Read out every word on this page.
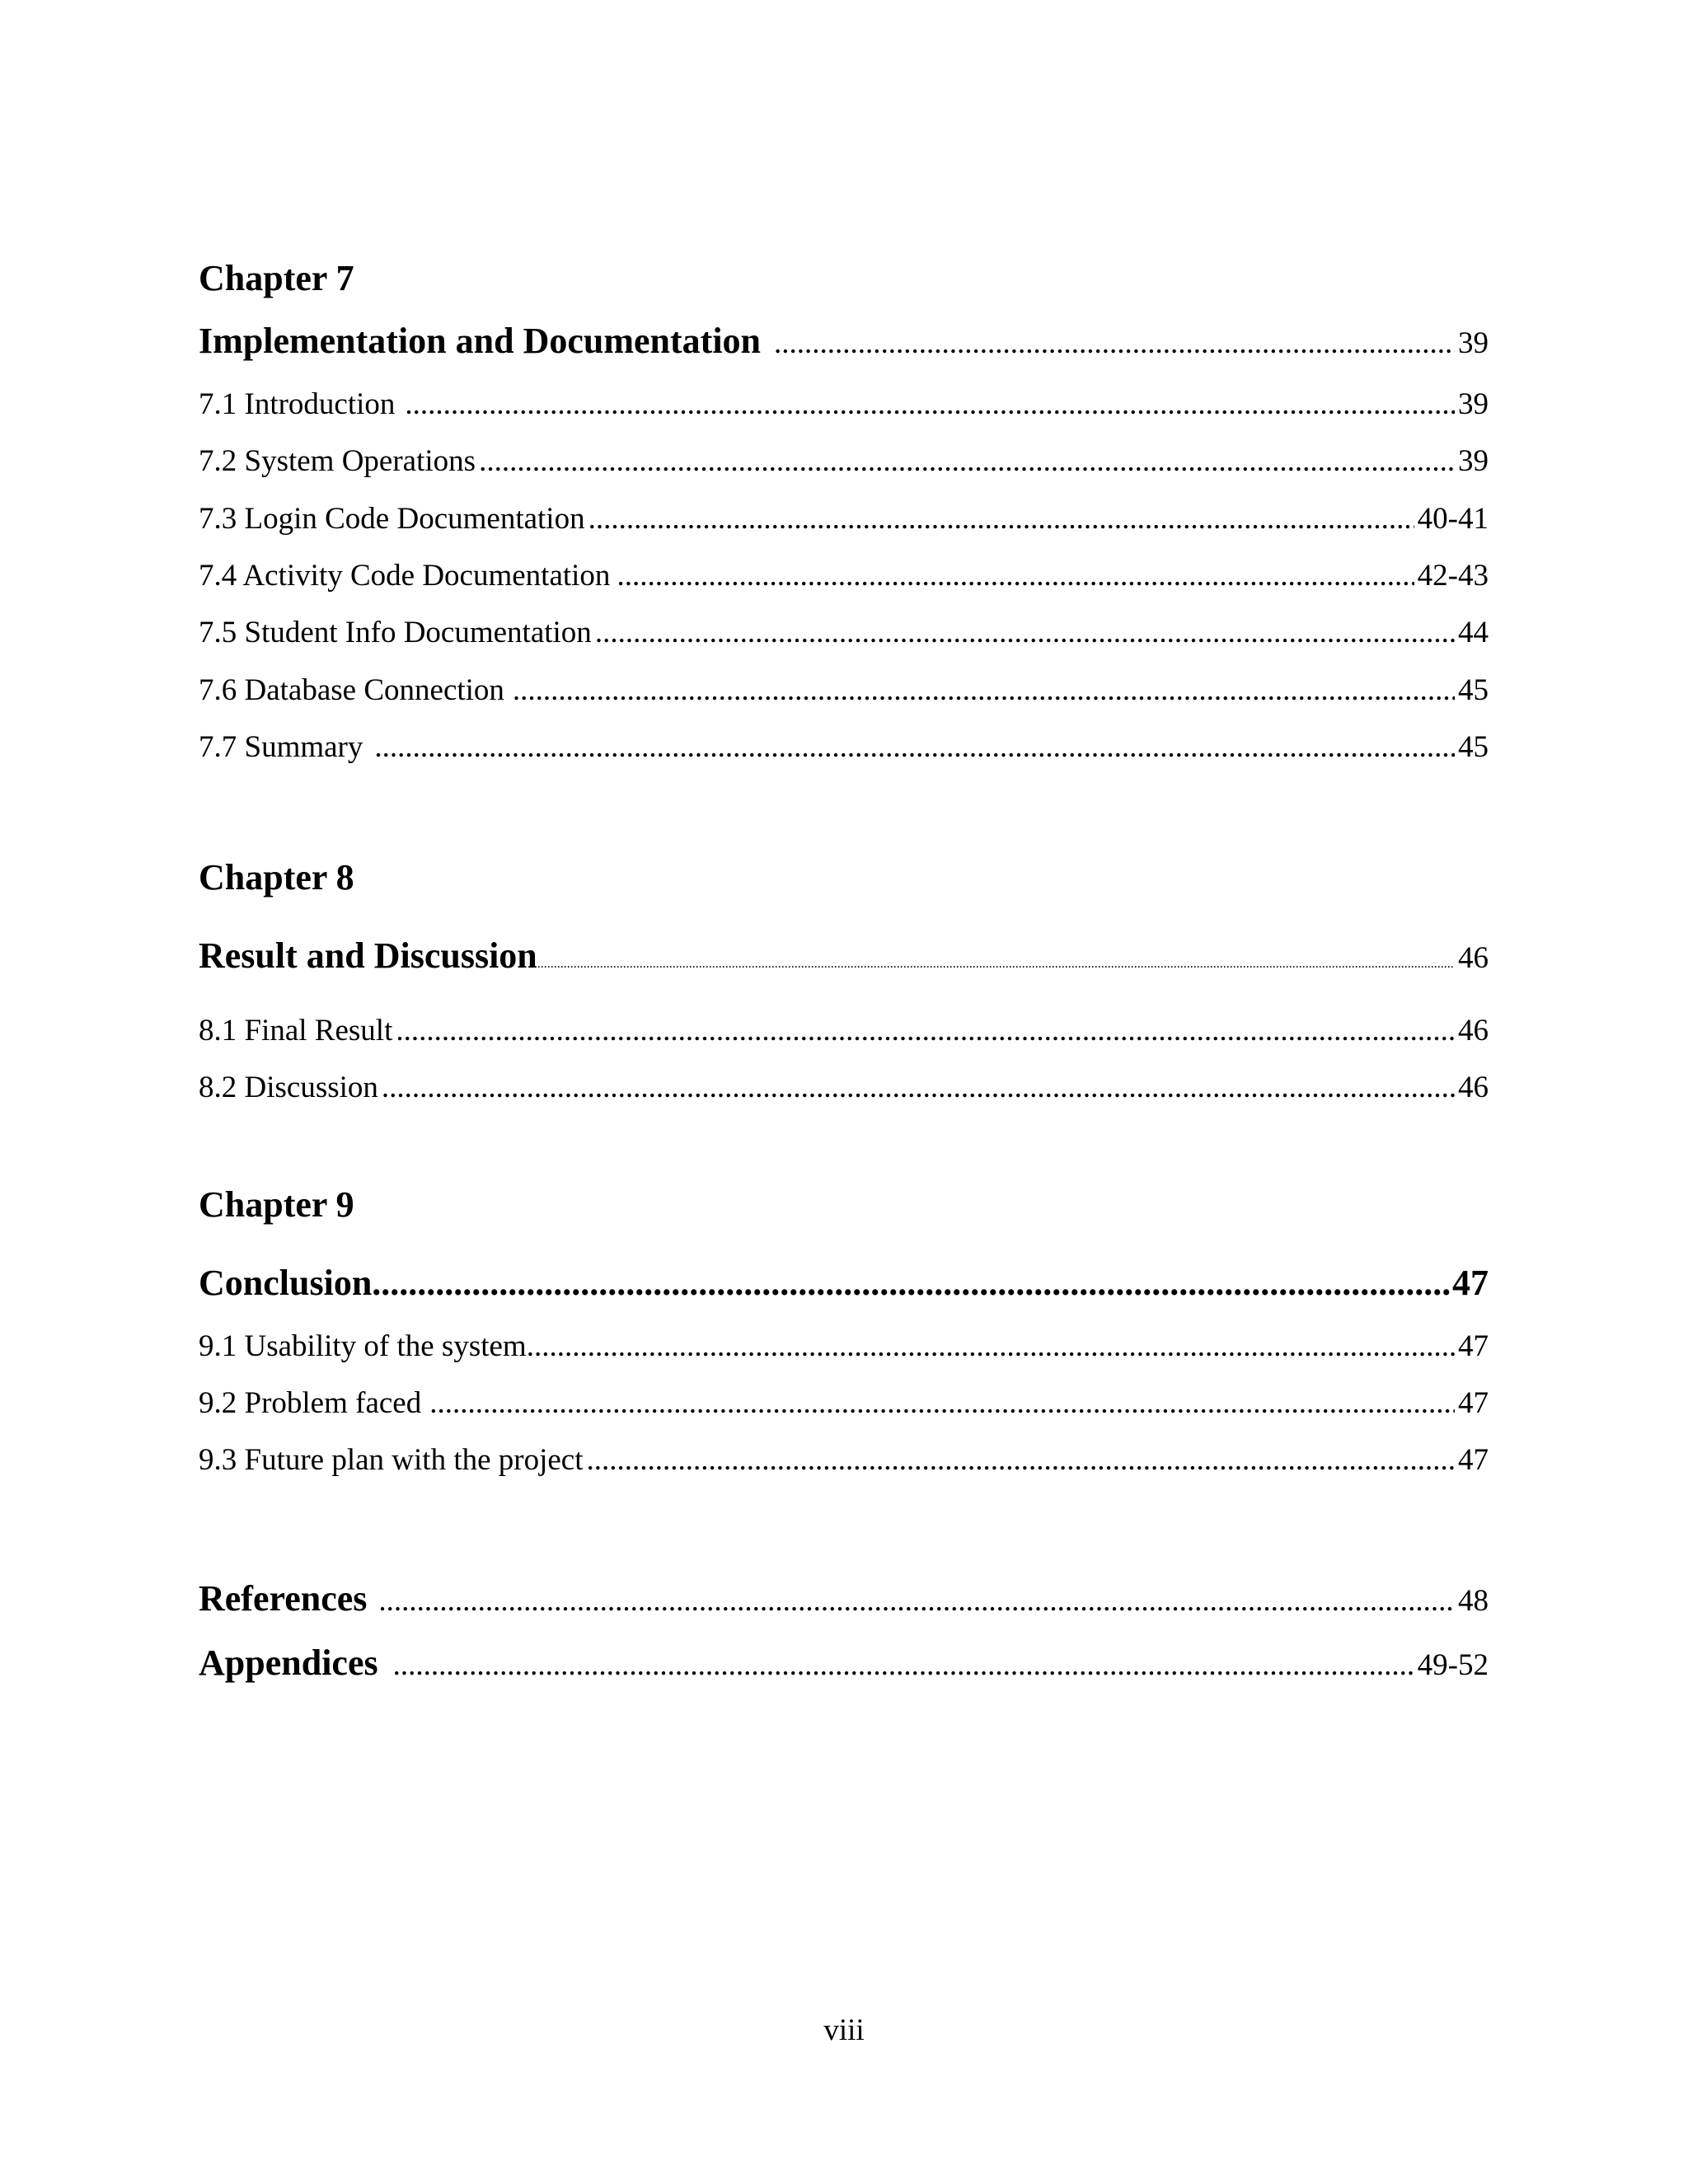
Chapter 7
Implementation and Documentation .....	39
7.1 Introduction .....	39
7.2 System Operations .....	39
7.3 Login Code Documentation .....	40-41
7.4 Activity Code Documentation .....	42-43
7.5 Student Info Documentation .....	44
7.6 Database Connection .....	45
7.7 Summary .....	45
Chapter 8
Result and Discussion .....	46
8.1 Final Result .....	46
8.2 Discussion .....	46
Chapter 9
Conclusion .....	47
9.1 Usability of the system .....	47
9.2 Problem faced .....	47
9.3 Future plan with the project .....	47
References .....	48
Appendices .....	49-52
viii
